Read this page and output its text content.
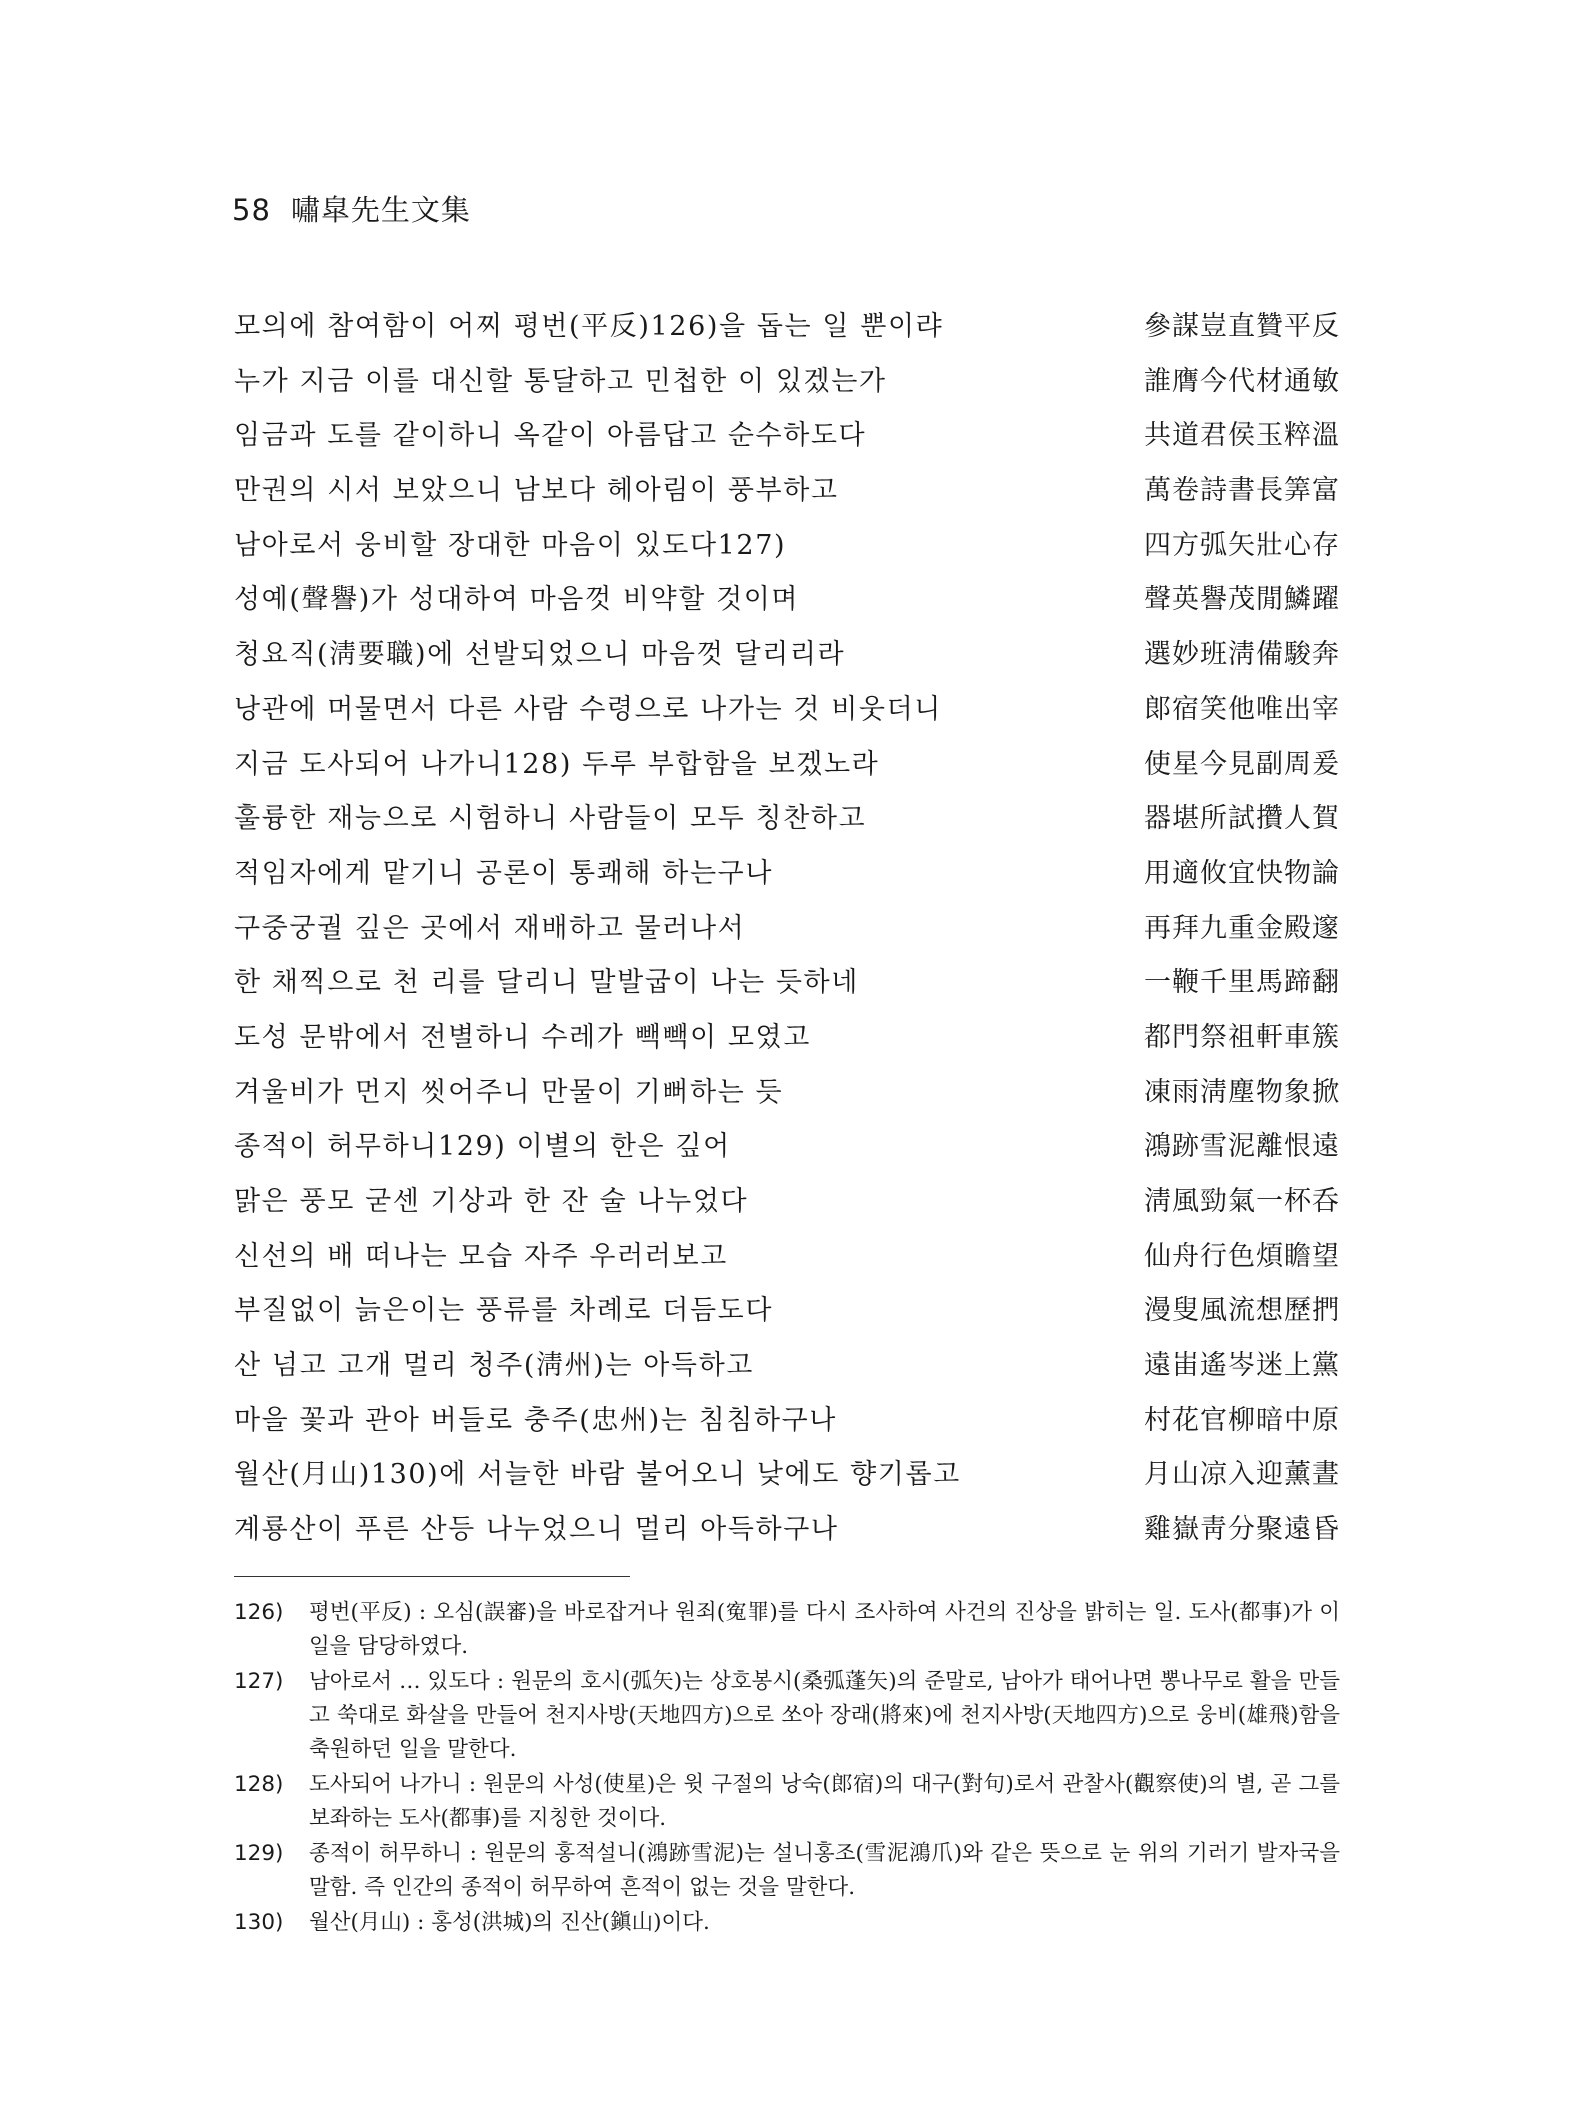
58 嘯皐先生文集
모의에 참여함이 어찌 평번(平反)126)을 돕는 일 뿐이랴	參謀豈直贊平反
누가 지금 이를 대신할 통달하고 민첩한 이 있겠는가	誰膺今代材通敏
임금과 도를 같이하니 옥같이 아름답고 순수하도다	共道君侯玉粹溫
만권의 시서 보았으니 남보다 헤아림이 풍부하고	萬卷詩書長筭富
남아로서 웅비할 장대한 마음이 있도다127)	四方弧矢壯心存
성예(聲譽)가 성대하여 마음껏 비약할 것이며	聲英譽茂閒鱗躍
청요직(淸要職)에 선발되었으니 마음껏 달리리라	選妙班淸備駿奔
낭관에 머물면서 다른 사람 수령으로 나가는 것 비웃더니	郞宿笑他唯出宰
지금 도사되어 나가니128) 두루 부합함을 보겠노라	使星今見副周爰
훌륭한 재능으로 시험하니 사람들이 모두 칭찬하고	器堪所試攢人賀
적임자에게 맡기니 공론이 통쾌해 하는구나	用適攸宜快物論
구중궁궐 깊은 곳에서 재배하고 물러나서	再拜九重金殿邃
한 채찍으로 천 리를 달리니 말발굽이 나는 듯하네	一鞭千里馬蹄翻
도성 문밖에서 전별하니 수레가 빽빽이 모였고	都門祭祖軒車簇
겨울비가 먼지 씻어주니 만물이 기뻐하는 듯	凍雨淸塵物象掀
종적이 허무하니129) 이별의 한은 깊어	鴻跡雪泥離恨遠
맑은 풍모 굳센 기상과 한 잔 술 나누었다	淸風勁氣一杯呑
신선의 배 떠나는 모습 자주 우러러보고	仙舟行色煩瞻望
부질없이 늙은이는 풍류를 차례로 더듬도다	漫叟風流想歷捫
산 넘고 고개 멀리 청주(淸州)는 아득하고	遠峀遙岑迷上黨
마을 꽃과 관아 버들로 충주(忠州)는 침침하구나	村花官柳暗中原
월산(月山)130)에 서늘한 바람 불어오니 낮에도 향기롭고	月山凉入迎薰晝
계룡산이 푸른 산등 나누었으니 멀리 아득하구나	雞嶽靑分聚遠昏
126) 평번(平反) : 오심(誤審)을 바로잡거나 원죄(寃罪)를 다시 조사하여 사건의 진상을 밝히는 일. 도사(都事)가 이 일을 담당하였다.
127) 남아로서 … 있도다 : 원문의 호시(弧矢)는 상호봉시(桑弧蓬矢)의 준말로, 남아가 태어나면 뽕나무로 활을 만들고 쑥대로 화살을 만들어 천지사방(天地四方)으로 쏘아 장래(將來)에 천지사방(天地四方)으로 웅비(雄飛)함을 축원하던 일을 말한다.
128) 도사되어 나가니 : 원문의 사성(使星)은 윗 구절의 낭숙(郎宿)의 대구(對句)로서 관찰사(觀察使)의 별, 곧 그를 보좌하는 도사(都事)를 지칭한 것이다.
129) 종적이 허무하니 : 원문의 홍적설니(鴻跡雪泥)는 설니홍조(雪泥鴻爪)와 같은 뜻으로 눈 위의 기러기 발자국을 말함. 즉 인간의 종적이 허무하여 흔적이 없는 것을 말한다.
130) 월산(月山) : 홍성(洪城)의 진산(鎭山)이다.
